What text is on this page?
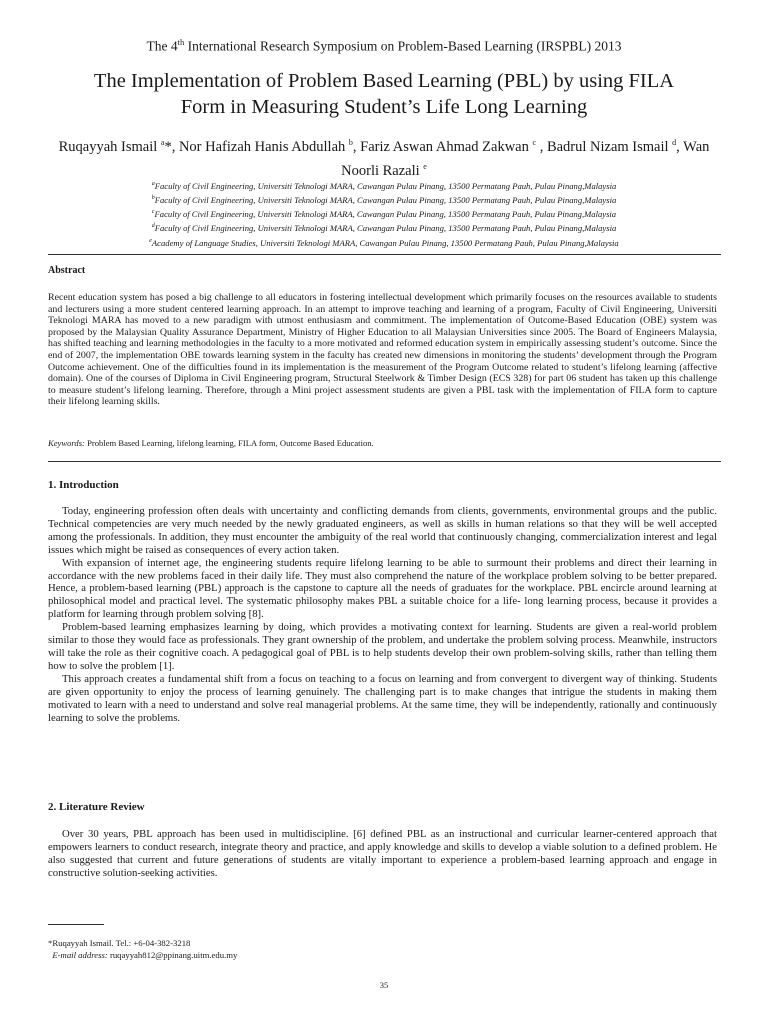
The 4th International Research Symposium on Problem-Based Learning (IRSPBL) 2013
The Implementation of Problem Based Learning (PBL) by using FILA
Form in Measuring Student’s Life Long Learning
Ruqayyah Ismail $^a$*, Nor Hafizah Hanis Abdullah $^b$, Fariz Aswan Ahmad Zakwan $^c$ , Badrul Nizam Ismail $^d$, Wan Noorli Razali $^e$
$^a$Faculty of Civil Engineering, Universiti Teknologi MARA, Cawangan Pulau Pinang, 13500 Permatang Pauh, Pulau Pinang,Malaysia
$^b$Faculty of Civil Engineering, Universiti Teknologi MARA, Cawangan Pulau Pinang, 13500 Permatang Pauh, Pulau Pinang,Malaysia
$^c$Faculty of Civil Engineering, Universiti Teknologi MARA, Cawangan Pulau Pinang, 13500 Permatang Pauh, Pulau Pinang,Malaysia
$^d$Faculty of Civil Engineering, Universiti Teknologi MARA, Cawangan Pulau Pinang, 13500 Permatang Pauh, Pulau Pinang,Malaysia
$^e$Academy of Language Studies, Universiti Teknologi MARA, Cawangan Pulau Pinang, 13500 Permatang Pauh, Pulau Pinang,Malaysia
Abstract
Recent education system has posed a big challenge to all educators in fostering intellectual development which primarily focuses on the resources available to students and lecturers using a more student centered learning approach. In an attempt to improve teaching and learning of a program, Faculty of Civil Engineering, Universiti Teknologi MARA has moved to a new paradigm with utmost enthusiasm and commitment. The implementation of Outcome-Based Education (OBE) system was proposed by the Malaysian Quality Assurance Department, Ministry of Higher Education to all Malaysian Universities since 2005. The Board of Engineers Malaysia, has shifted teaching and learning methodologies in the faculty to a more motivated and reformed education system in empirically assessing student’s outcome. Since the end of 2007, the implementation OBE towards learning system in the faculty has created new dimensions in monitoring the students’ development through the Program Outcome achievement. One of the difficulties found in its implementation is the measurement of the Program Outcome related to student’s lifelong learning (affective domain). One of the courses of Diploma in Civil Engineering program, Structural Steelwork & Timber Design (ECS 328) for part 06 student has taken up this challenge to measure student’s lifelong learning. Therefore, through a Mini project assessment students are given a PBL task with the implementation of FILA form to capture their lifelong learning skills.
Keywords: Problem Based Learning, lifelong learning, FILA form, Outcome Based Education.
1. Introduction

Today, engineering profession often deals with uncertainty and conflicting demands from clients, governments, environmental groups and the public. Technical competencies are very much needed by the newly graduated engineers, as well as skills in human relations so that they will be well accepted among the professionals. In addition, they must encounter the ambiguity of the real world that continuously changing, commercialization interest and legal issues which might be raised as consequences of every action taken.

With expansion of internet age, the engineering students require lifelong learning to be able to surmount their problems and direct their learning in accordance with the new problems faced in their daily life. They must also comprehend the nature of the workplace problem solving to be better prepared. Hence, a problem-based learning (PBL) approach is the capstone to capture all the needs of graduates for the workplace. PBL encircle around learning at philosophical model and practical level. The systematic philosophy makes PBL a suitable choice for a life- long learning process, because it provides a platform for learning through problem solving [8].

Problem-based learning emphasizes learning by doing, which provides a motivating context for learning. Students are given a real-world problem similar to those they would face as professionals. They grant ownership of the problem, and undertake the problem solving process. Meanwhile, instructors will take the role as their cognitive coach. A pedagogical goal of PBL is to help students develop their own problem-solving skills, rather than telling them how to solve the problem [1].

This approach creates a fundamental shift from a focus on teaching to a focus on learning and from convergent to divergent way of thinking. Students are given opportunity to enjoy the process of learning genuinely. The challenging part is to make changes that intrigue the students in making them motivated to learn with a need to understand and solve real managerial problems. At the same time, they will be independently, rationally and continuously learning to solve the problems.

2. Literature Review

Over 30 years, PBL approach has been used in multidiscipline. [6] defined PBL as an instructional and curricular learner-centered approach that empowers learners to conduct research, integrate theory and practice, and apply knowledge and skills to develop a viable solution to a defined problem. He also suggested that current and future generations of students are vitally important to experience a problem-based learning approach and engage in constructive solution-seeking activities.

*Ruqayyah Ismail. Tel.: +6-04-382-3218
E-mail address: ruqayyah812@ppinang.uitm.edu.my
35
